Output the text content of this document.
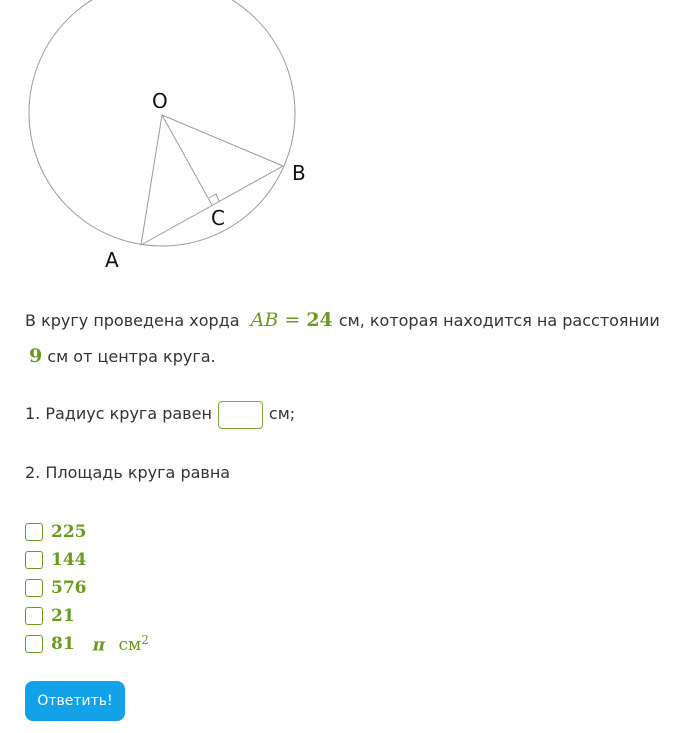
O
B
C
A
В кругу проведена хорда AB = 24 см, которая находится на расстоянии
9 см от центра круга.
1. Радиус круга равен	см;
2. Площадь круга равна
225
144
576
21
81 π $см^2$
Ответить!
